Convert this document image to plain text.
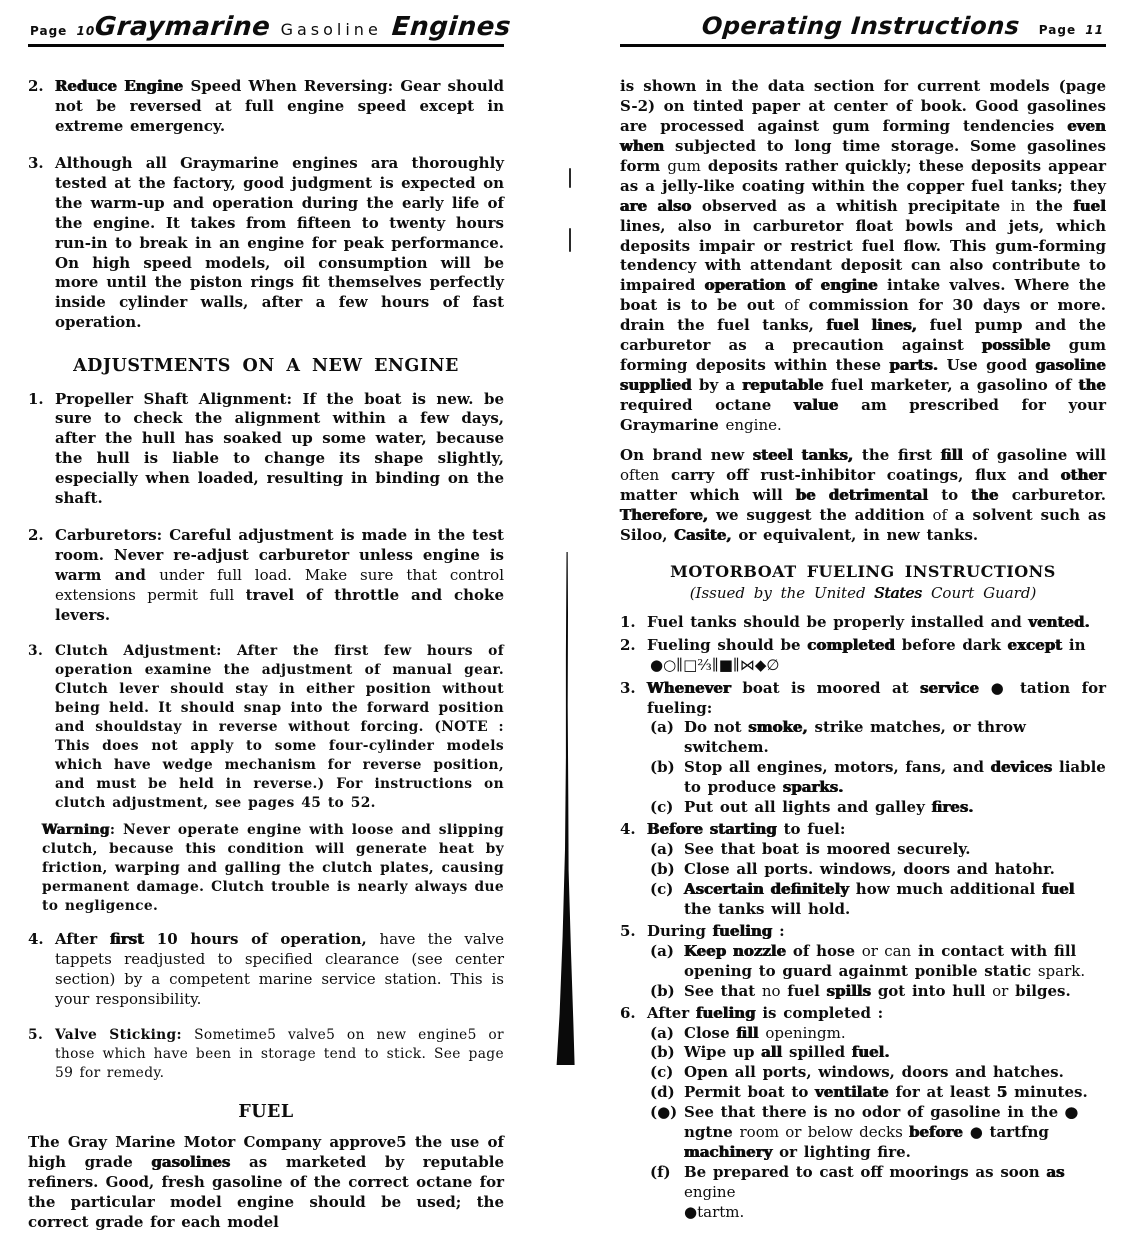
Page 10
Graymarine Gasoline Engines
2. Reduce Engine Speed When Reversing: Gear should not be reversed at full engine speed except in extreme emergency.
3. Although all Graymarine engines ara thoroughly tested at the factory, good judgment is expected on the warm-up and operation during the early life of the engine. It takes from fifteen to twenty hours run-in to break in an engine for peak performance. On high speed models, oil consumption will be more until the piston rings fit themselves perfectly inside cylinder walls, after a few hours of fast operation.
ADJUSTMENTS ON A NEW ENGINE
1. Propeller Shaft Alignment: If the boat is new. be sure to check the alignment within a few days, after the hull has soaked up some water, because the hull is liable to change its shape slightly, especially when loaded, resulting in binding on the shaft.
2. Carburetors: Careful adjustment is made in the test room. Never re-adjust carburetor unless engine is warm and under full load. Make sure that control extensions permit full travel of throttle and choke levers.
3. Clutch Adjustment: After the first few hours of operation examine the adjustment of manual gear. Clutch lever should stay in either position without being held. It should snap into the forward position and shouldstay in reverse without forcing. (NOTE : This does not apply to some four-cylinder models which have wedge mechanism for reverse position, and must be held in reverse.) For instructions on clutch adjustment, see pages 45 to 52.
Warning: Never operate engine with loose and slipping clutch, because this condition will generate heat by friction, warping and galling the clutch plates, causing permanent damage. Clutch trouble is nearly always due to negligence.
4. After first 10 hours of operation, have the valve tappets readjusted to specified clearance (see center section) by a competent marine service station. This is your responsibility.
5. Valve Sticking: Sometime5 valve5 on new engine5 or those which have been in storage tend to stick. See page 59 for remedy.
FUEL
The Gray Marine Motor Company approve5 the use of high grade gasolines as marketed by reputable refiners. Good, fresh gasoline of the correct octane for the particular model engine should be used; the correct grade for each model
Operating Instructions Page 11
is shown in the data section for current models (page S-2) on tinted paper at center of book. Good gasolines are processed against gum forming tendencies even when subjected to long time storage. Some gasolines form gum deposits rather quickly; these deposits appear as a jelly-like coating within the copper fuel tanks; they are also observed as a whitish precipitate in the fuel lines, also in carburetor float bowls and jets, which deposits impair or restrict fuel flow. This gum-forming tendency with attendant deposit can also contribute to impaired operation of engine intake valves. Where the boat is to be out of commission for 30 days or more. drain the fuel tanks, fuel lines, fuel pump and the carburetor as a precaution against possible gum forming deposits within these parts. Use good gasoline supplied by a reputable fuel marketer, a gasolino of the required octane value am prescribed for your Graymarine engine.
On brand new steel tanks, the first fill of gasoline will often carry off rust-inhibitor coatings, flux and other matter which will be detrimental to the carburetor. Therefore, we suggest the addition of a solvent such as Siloo, Casite, or equivalent, in new tanks.
MOTORBOAT FUELING INSTRUCTIONS
(Issued by the United States Court Guard)
1. Fuel tanks should be properly installed and vented.
2. Fueling should be completed before dark except in
● ○∥□⅔∥■∥⋈◆∅
3. Whenever boat is moored at service ● tation for fueling:
(a) Do not smoke, strike matches, or throw switchem.
(b) Stop all engines, motors, fans, and devices liable to produce sparks.
(c) Put out all lights and galley fires.
4. Before starting to fuel:
(a) See that boat is moored securely.
(b) Close all ports. windows, doors and hatohr.
(c) Ascertain definitely how much additional fuel the tanks will hold.
5. During fueling :
(a) Keep nozzle of hose or can in contact with fill opening to guard againmt ponible static spark.
(b) See that no fuel spills got into hull or bilges.
6. After fueling is completed :
(a) Close fill openingm.
(b) Wipe up all spilled fuel.
(c) Open all ports, windows, doors and hatches.
(d) Permit boat to ventilate for at least 5 minutes.
(●) See that there is no odor of gasoline in the ● ngtne room or below decks before ● tartfng machinery or lighting fire.
(f) Be prepared to cast off moorings as soon as engine
● tartm.
